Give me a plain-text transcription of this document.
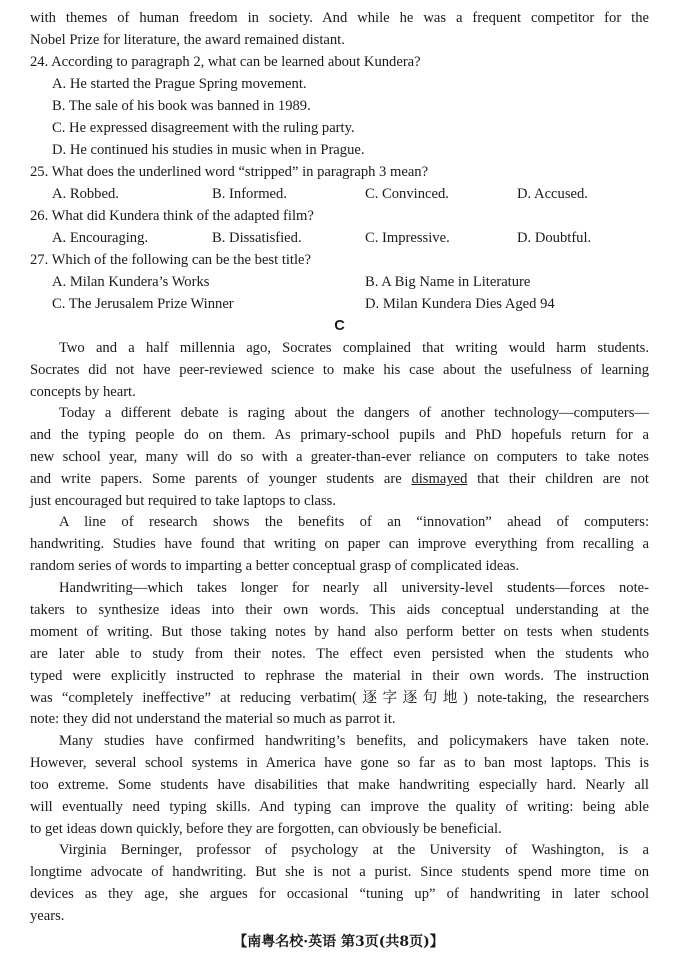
with themes of human freedom in society. And while he was a frequent competitor for the
Nobel Prize for literature, the award remained distant.
24. According to paragraph 2, what can be learned about Kundera?
A. He started the Prague Spring movement.
B. The sale of his book was banned in 1989.
C. He expressed disagreement with the ruling party.
D. He continued his studies in music when in Prague.
25. What does the underlined word “stripped” in paragraph 3 mean?
A. Robbed.	B. Informed.	C. Convinced.	D. Accused.
26. What did Kundera think of the adapted film?
A. Encouraging.	B. Dissatisfied.	C. Impressive.	D. Doubtful.
27. Which of the following can be the best title?
A. Milan Kundera’s Works	B. A Big Name in Literature
C. The Jerusalem Prize Winner	D. Milan Kundera Dies Aged 94
C
Two and a half millennia ago, Socrates complained that writing would harm students.
Socrates did not have peer-reviewed science to make his case about the usefulness of learning
concepts by heart.
Today a different debate is raging about the dangers of another technology—computers—
and the typing people do on them. As primary-school pupils and PhD hopefuls return for a
new school year, many will do so with a greater-than-ever reliance on computers to take notes
and write papers. Some parents of younger students are dismayed that their children are not
just encouraged but required to take laptops to class.
A line of research shows the benefits of an “innovation” ahead of computers:
handwriting. Studies have found that writing on paper can improve everything from recalling a
random series of words to imparting a better conceptual grasp of complicated ideas.
Handwriting—which takes longer for nearly all university-level students—forces note-
takers to synthesize ideas into their own words. This aids conceptual understanding at the
moment of writing. But those taking notes by hand also perform better on tests when students
are later able to study from their notes. The effect even persisted when the students who
typed were explicitly instructed to rephrase the material in their own words. The instruction
was “completely ineffective” at reducing verbatim(逐字逐句地) note-taking, the researchers
note: they did not understand the material so much as parrot it.
Many studies have confirmed handwriting’s benefits, and policymakers have taken note.
However, several school systems in America have gone so far as to ban most laptops. This is
too extreme. Some students have disabilities that make handwriting especially hard. Nearly all
will eventually need typing skills. And typing can improve the quality of writing: being able
to get ideas down quickly, before they are forgotten, can obviously be beneficial.
Virginia Berninger, professor of psychology at the University of Washington, is a
longtime advocate of handwriting. But she is not a purist. Since students spend more time on
devices as they age, she argues for occasional “tuning up” of handwriting in later school
years.
【南粤名校·英语 第3页(共8页)】
